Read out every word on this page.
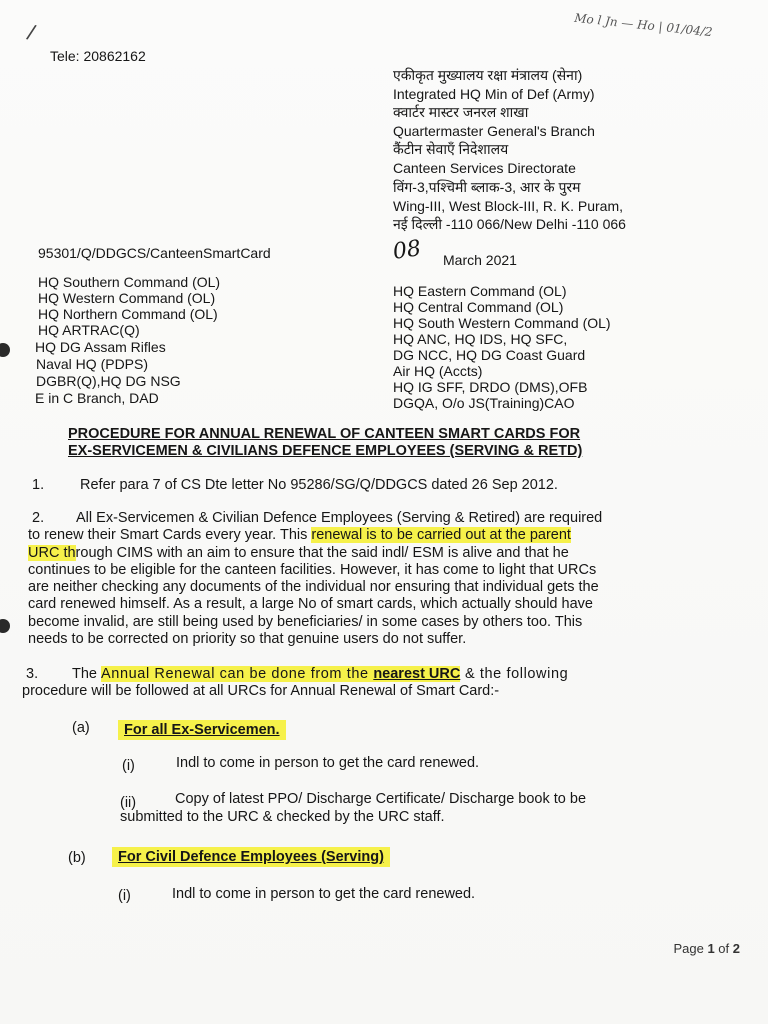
/	Mo l Jn — Ho | 01/04/2
Tele: 20862162
एकीकृत मुख्यालय रक्षा मंत्रालय (सेना)
Integrated HQ Min of Def (Army)
क्वार्टर मास्टर जनरल शाखा
Quartermaster General's Branch
कैंटीन सेवाएँ निदेशालय
Canteen Services Directorate
विंग-3,पश्चिमी ब्लाक-3, आर के पुरम
Wing-III, West Block-III, R. K. Puram,
नई दिल्ली -110 066/New Delhi -110 066
95301/Q/DDGCS/CanteenSmartCard	08 March 2021
HQ Southern Command (OL)
HQ Western Command (OL)
HQ Northern Command (OL)
HQ ARTRAC(Q)
HQ DG Assam Rifles
Naval HQ (PDPS)
DGBR(Q),HQ DG NSG
E in C Branch, DAD
HQ Eastern Command (OL)
HQ Central Command (OL)
HQ South Western Command (OL)
HQ ANC, HQ IDS, HQ SFC,
DG NCC, HQ DG Coast Guard
Air HQ (Accts)
HQ IG SFF, DRDO (DMS),OFB
DGQA, O/o JS(Training)CAO
PROCEDURE FOR ANNUAL RENEWAL OF CANTEEN SMART CARDS FOR
EX-SERVICEMEN & CIVILIANS DEFENCE EMPLOYEES (SERVING & RETD)
1. Refer para 7 of CS Dte letter No 95286/SG/Q/DDGCS dated 26 Sep 2012.
2.	All Ex-Servicemen & Civilian Defence Employees (Serving & Retired) are required
to renew their Smart Cards every year. This renewal is to be carried out at the parent
URC through CIMS with an aim to ensure that the said indl/ ESM is alive and that he
continues to be eligible for the canteen facilities. However, it has come to light that URCs
are neither checking any documents of the individual nor ensuring that individual gets the
card renewed himself. As a result, a large No of smart cards, which actually should have
become invalid, are still being used by beneficiaries/ in some cases by others too. This
needs to be corrected on priority so that genuine users do not suffer.
3. The Annual Renewal can be done from the nearest URC & the following
procedure will be followed at all URCs for Annual Renewal of Smart Card:-
(a)	For all Ex-Servicemen.
(i)	Indl to come in person to get the card renewed.
(ii)	Copy of latest PPO/ Discharge Certificate/ Discharge book to be
submitted to the URC & checked by the URC staff.
(b)	For Civil Defence Employees (Serving)
(i)	Indl to come in person to get the card renewed.
Page 1 of 2
